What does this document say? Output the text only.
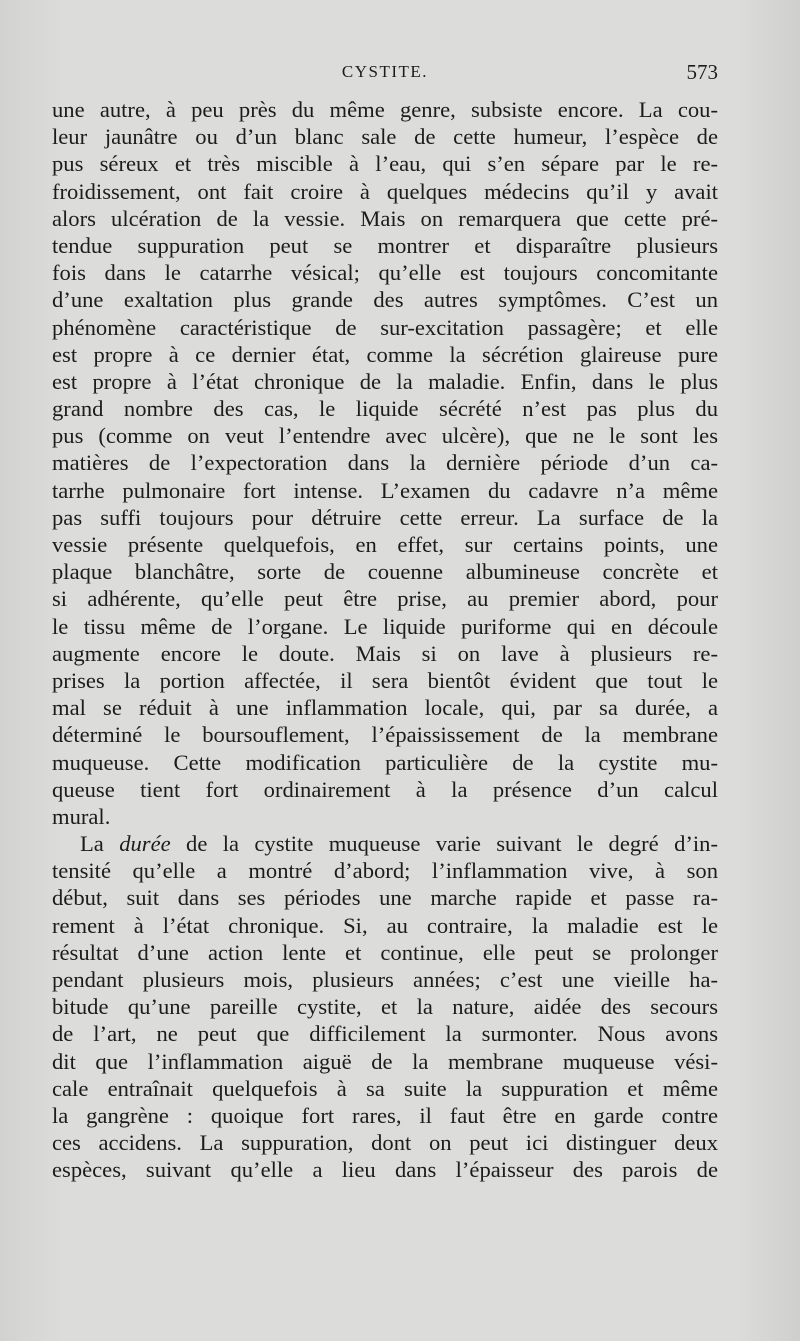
CYSTITE.	573
une autre, à peu près du même genre, subsiste encore. La cou-
leur jaunâtre ou d’un blanc sale de cette humeur, l’espèce de
pus séreux et très miscible à l’eau, qui s’en sépare par le re-
froidissement, ont fait croire à quelques médecins qu’il y avait
alors ulcération de la vessie. Mais on remarquera que cette pré-
tendue suppuration peut se montrer et disparaître plusieurs
fois dans le catarrhe vésical; qu’elle est toujours concomitante
d’une exaltation plus grande des autres symptômes. C’est un
phénomène caractéristique de sur-excitation passagère; et elle
est propre à ce dernier état, comme la sécrétion glaireuse pure
est propre à l’état chronique de la maladie. Enfin, dans le plus
grand nombre des cas, le liquide sécrété n’est pas plus du
pus (comme on veut l’entendre avec ulcère), que ne le sont les
matières de l’expectoration dans la dernière période d’un ca-
tarrhe pulmonaire fort intense. L’examen du cadavre n’a même
pas suffi toujours pour détruire cette erreur. La surface de la
vessie présente quelquefois, en effet, sur certains points, une
plaque blanchâtre, sorte de couenne albumineuse concrète et
si adhérente, qu’elle peut être prise, au premier abord, pour
le tissu même de l’organe. Le liquide puriforme qui en découle
augmente encore le doute. Mais si on lave à plusieurs re-
prises la portion affectée, il sera bientôt évident que tout le
mal se réduit à une inflammation locale, qui, par sa durée, a
déterminé le boursouflement, l’épaississement de la membrane
muqueuse. Cette modification particulière de la cystite mu-
queuse tient fort ordinairement à la présence d’un calcul
mural.
La durée de la cystite muqueuse varie suivant le degré d’in-
tensité qu’elle a montré d’abord; l’inflammation vive, à son
début, suit dans ses périodes une marche rapide et passe ra-
rement à l’état chronique. Si, au contraire, la maladie est le
résultat d’une action lente et continue, elle peut se prolonger
pendant plusieurs mois, plusieurs années; c’est une vieille ha-
bitude qu’une pareille cystite, et la nature, aidée des secours
de l’art, ne peut que difficilement la surmonter. Nous avons
dit que l’inflammation aiguë de la membrane muqueuse vési-
cale entraînait quelquefois à sa suite la suppuration et même
la gangrène : quoique fort rares, il faut être en garde contre
ces accidens. La suppuration, dont on peut ici distinguer deux
espèces, suivant qu’elle a lieu dans l’épaisseur des parois de
